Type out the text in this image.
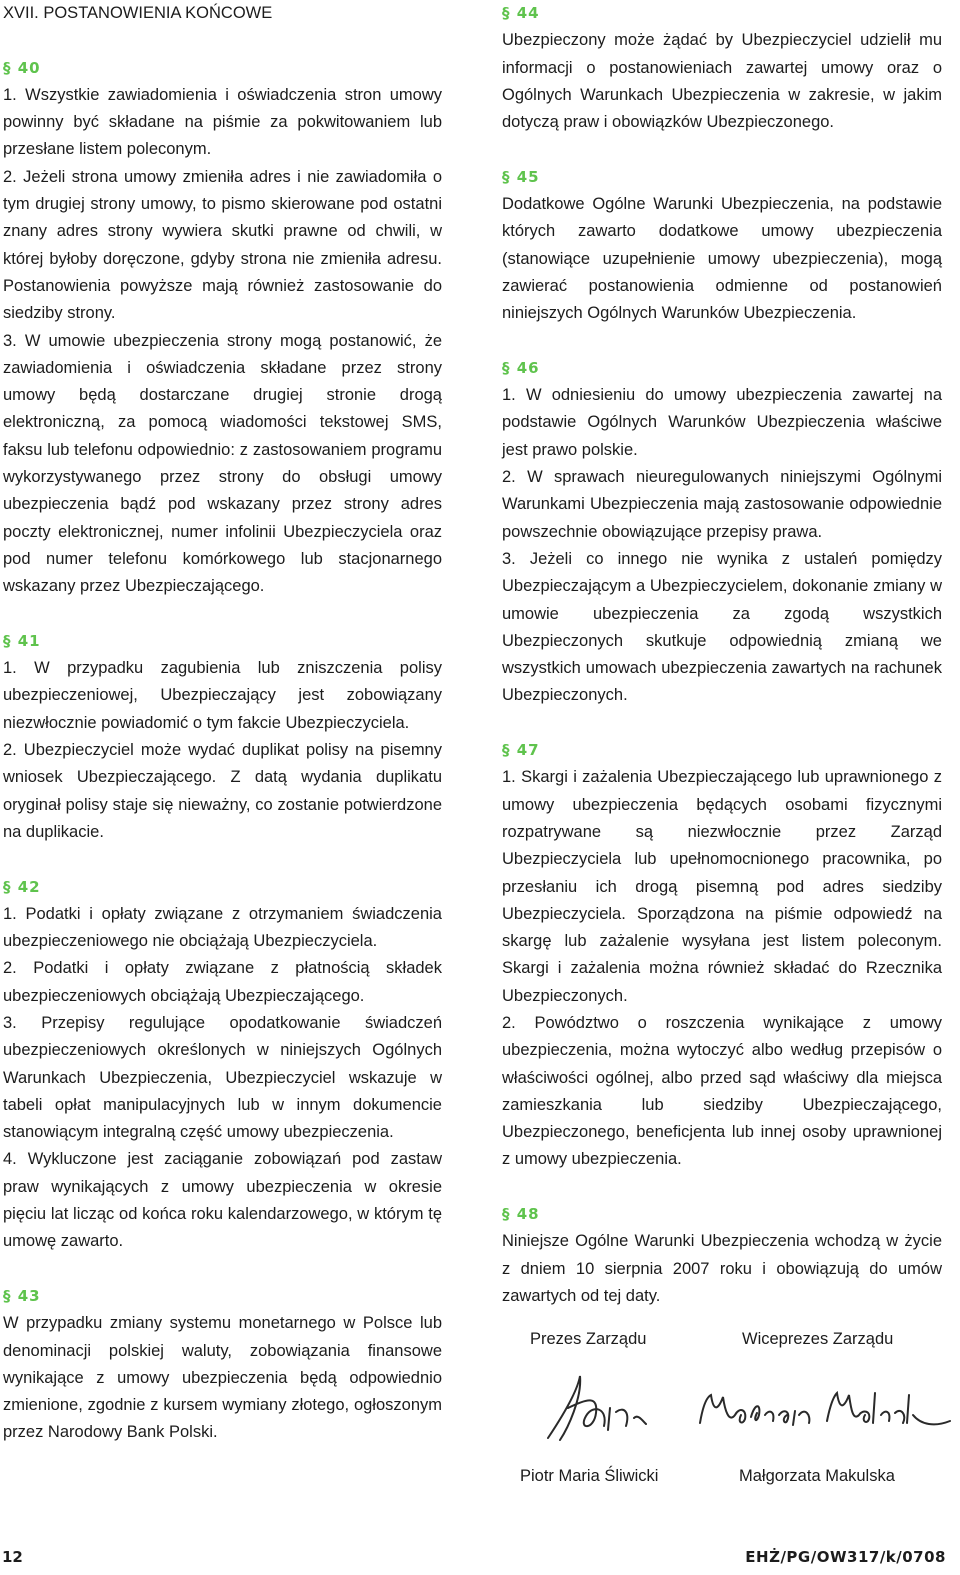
XVII. POSTANOWIENIA KOŃCOWE
§ 40
1. Wszystkie zawiadomienia i oświadczenia stron umowy powinny być składane na piśmie za pokwitowaniem lub przesłane listem poleconym.
2. Jeżeli strona umowy zmieniła adres i nie zawiadomiła o tym drugiej strony umowy, to pismo skierowane pod ostatni znany adres strony wywiera skutki prawne od chwili, w której byłoby doręczone, gdyby strona nie zmieniła adresu. Postanowienia powyższe mają również zastosowanie do siedziby strony.
3. W umowie ubezpieczenia strony mogą postanowić, że zawiadomienia i oświadczenia składane przez strony umowy będą dostarczane drugiej stronie drogą elektroniczną, za pomocą wiadomości tekstowej SMS, faksu lub telefonu odpowiednio: z zastosowaniem programu wykorzystywanego przez strony do obsługi umowy ubezpieczenia bądź pod wskazany przez strony adres poczty elektronicznej, numer infolinii Ubezpieczyciela oraz pod numer telefonu komórkowego lub stacjonarnego wskazany przez Ubezpieczającego.
§ 41
1. W przypadku zagubienia lub zniszczenia polisy ubezpieczeniowej, Ubezpieczający jest zobowiązany niezwłocznie powiadomić o tym fakcie Ubezpieczyciela.
2. Ubezpieczyciel może wydać duplikat polisy na pisemny wniosek Ubezpieczającego. Z datą wydania duplikatu oryginał polisy staje się nieważny, co zostanie potwierdzone na duplikacie.
§ 42
1. Podatki i opłaty związane z otrzymaniem świadczenia ubezpieczeniowego nie obciążają Ubezpieczyciela.
2. Podatki i opłaty związane z płatnością składek ubezpieczeniowych obciążają Ubezpieczającego.
3. Przepisy regulujące opodatkowanie świadczeń ubezpieczeniowych określonych w niniejszych Ogólnych Warunkach Ubezpieczenia, Ubezpieczyciel wskazuje w tabeli opłat manipulacyjnych lub w innym dokumencie stanowiącym integralną część umowy ubezpieczenia.
4. Wykluczone jest zaciąganie zobowiązań pod zastaw praw wynikających z umowy ubezpieczenia w okresie pięciu lat licząc od końca roku kalendarzowego, w którym tę umowę zawarto.
§ 43
W przypadku zmiany systemu monetarnego w Polsce lub denominacji polskiej waluty, zobowiązania finansowe wynikające z umowy ubezpieczenia będą odpowiednio zmienione, zgodnie z kursem wymiany złotego, ogłoszonym przez Narodowy Bank Polski.
§ 44
Ubezpieczony może żądać by Ubezpieczyciel udzielił mu informacji o postanowieniach zawartej umowy oraz o Ogólnych Warunkach Ubezpieczenia w zakresie, w jakim dotyczą praw i obowiązków Ubezpieczonego.
§ 45
Dodatkowe Ogólne Warunki Ubezpieczenia, na podstawie których zawarto dodatkowe umowy ubezpieczenia (stanowiące uzupełnienie umowy ubezpieczenia), mogą zawierać postanowienia odmienne od postanowień niniejszych Ogólnych Warunków Ubezpieczenia.
§ 46
1. W odniesieniu do umowy ubezpieczenia zawartej na podstawie Ogólnych Warunków Ubezpieczenia właściwe jest prawo polskie.
2. W sprawach nieuregulowanych niniejszymi Ogólnymi Warunkami Ubezpieczenia mają zastosowanie odpowiednie powszechnie obowiązujące przepisy prawa.
3. Jeżeli co innego nie wynika z ustaleń pomiędzy Ubezpieczającym a Ubezpieczycielem, dokonanie zmiany w umowie ubezpieczenia za zgodą wszystkich Ubezpieczonych skutkuje odpowiednią zmianą we wszystkich umowach ubezpieczenia zawartych na rachunek Ubezpieczonych.
§ 47
1. Skargi i zażalenia Ubezpieczającego lub uprawnionego z umowy ubezpieczenia będących osobami fizycznymi rozpatrywane są niezwłocznie przez Zarząd Ubezpieczyciela lub upełnomocnionego pracownika, po przesłaniu ich drogą pisemną pod adres siedziby Ubezpieczyciela. Sporządzona na piśmie odpowiedź na skargę lub zażalenie wysyłana jest listem poleconym. Skargi i zażalenia można również składać do Rzecznika Ubezpieczonych.
2. Powództwo o roszczenia wynikające z umowy ubezpieczenia, można wytoczyć albo według przepisów o właściwości ogólnej, albo przed sąd właściwy dla miejsca zamieszkania lub siedziby Ubezpieczającego, Ubezpieczonego, beneficjenta lub innej osoby uprawnionej z umowy ubezpieczenia.
§ 48
Niniejsze Ogólne Warunki Ubezpieczenia wchodzą w życie z dniem 10 sierpnia 2007 roku i obowiązują do umów zawartych od tej daty.
Prezes Zarządu	Wiceprezes Zarządu
Piotr Maria Śliwicki	Małgorzata Makulska
12	EHŻ/PG/OW317/k/0708
